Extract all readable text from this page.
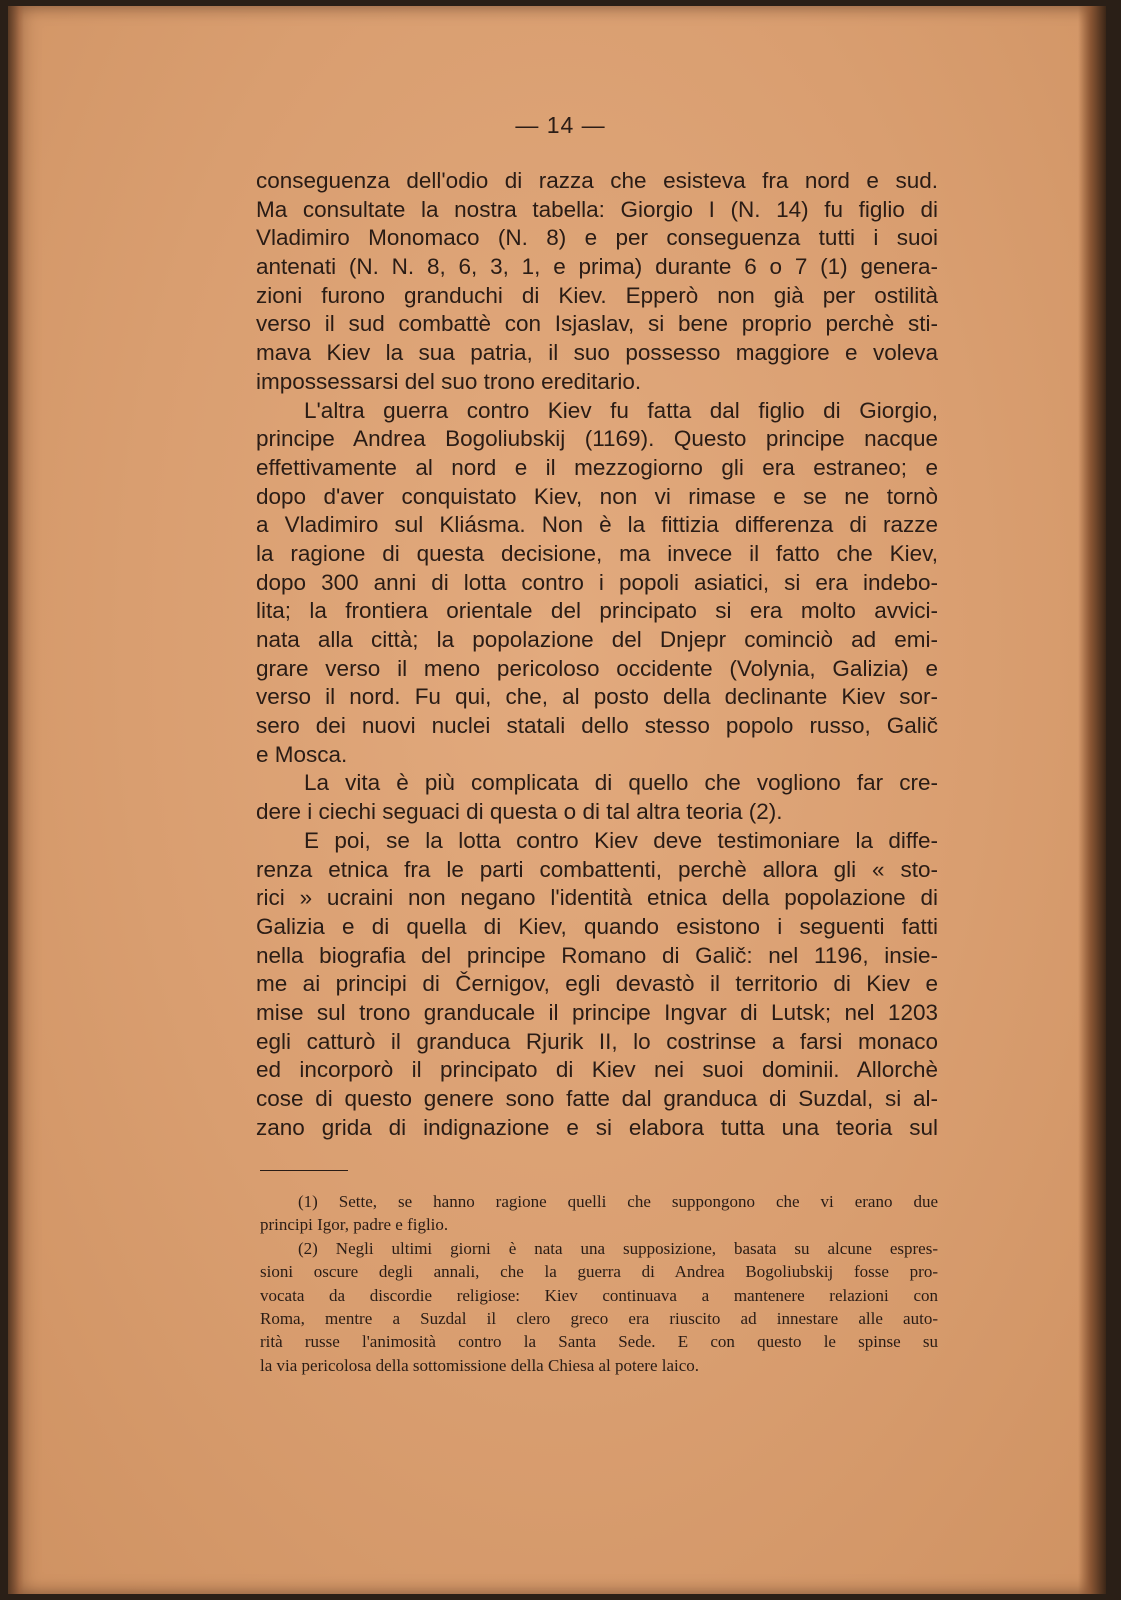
— 14 —
conseguenza dell'odio di razza che esisteva fra nord e sud.
Ma consultate la nostra tabella: Giorgio I (N. 14) fu figlio di
Vladimiro Monomaco (N. 8) e per conseguenza tutti i suoi
antenati (N. N. 8, 6, 3, 1, e prima) durante 6 o 7 (1) genera-
zioni furono granduchi di Kiev. Epperò non già per ostilità
verso il sud combattè con Isjaslav, si bene proprio perchè sti-
mava Kiev la sua patria, il suo possesso maggiore e voleva
impossessarsi del suo trono ereditario.
L'altra guerra contro Kiev fu fatta dal figlio di Giorgio,
principe Andrea Bogoliubskij (1169). Questo principe nacque
effettivamente al nord e il mezzogiorno gli era estraneo; e
dopo d'aver conquistato Kiev, non vi rimase e se ne tornò
a Vladimiro sul Kliásma. Non è la fittizia differenza di razze
la ragione di questa decisione, ma invece il fatto che Kiev,
dopo 300 anni di lotta contro i popoli asiatici, si era indebo-
lita; la frontiera orientale del principato si era molto avvici-
nata alla città; la popolazione del Dnjepr cominciò ad emi-
grare verso il meno pericoloso occidente (Volynia, Galizia) e
verso il nord. Fu qui, che, al posto della declinante Kiev sor-
sero dei nuovi nuclei statali dello stesso popolo russo, Galič
e Mosca.
La vita è più complicata di quello che vogliono far cre-
dere i ciechi seguaci di questa o di tal altra teoria (2).
E poi, se la lotta contro Kiev deve testimoniare la diffe-
renza etnica fra le parti combattenti, perchè allora gli « sto-
rici » ucraini non negano l'identità etnica della popolazione di
Galizia e di quella di Kiev, quando esistono i seguenti fatti
nella biografia del principe Romano di Galič: nel 1196, insie-
me ai principi di Černigov, egli devastò il territorio di Kiev e
mise sul trono granducale il principe Ingvar di Lutsk; nel 1203
egli catturò il granduca Rjurik II, lo costrinse a farsi monaco
ed incorporò il principato di Kiev nei suoi dominii. Allorchè
cose di questo genere sono fatte dal granduca di Suzdal, si al-
zano grida di indignazione e si elabora tutta una teoria sul
(1) Sette, se hanno ragione quelli che suppongono che vi erano due
principi Igor, padre e figlio.
(2) Negli ultimi giorni è nata una supposizione, basata su alcune espres-
sioni oscure degli annali, che la guerra di Andrea Bogoliubskij fosse pro-
vocata da discordie religiose: Kiev continuava a mantenere relazioni con
Roma, mentre a Suzdal il clero greco era riuscito ad innestare alle auto-
rità russe l'animosità contro la Santa Sede. E con questo le spinse su
la via pericolosa della sottomissione della Chiesa al potere laico.
